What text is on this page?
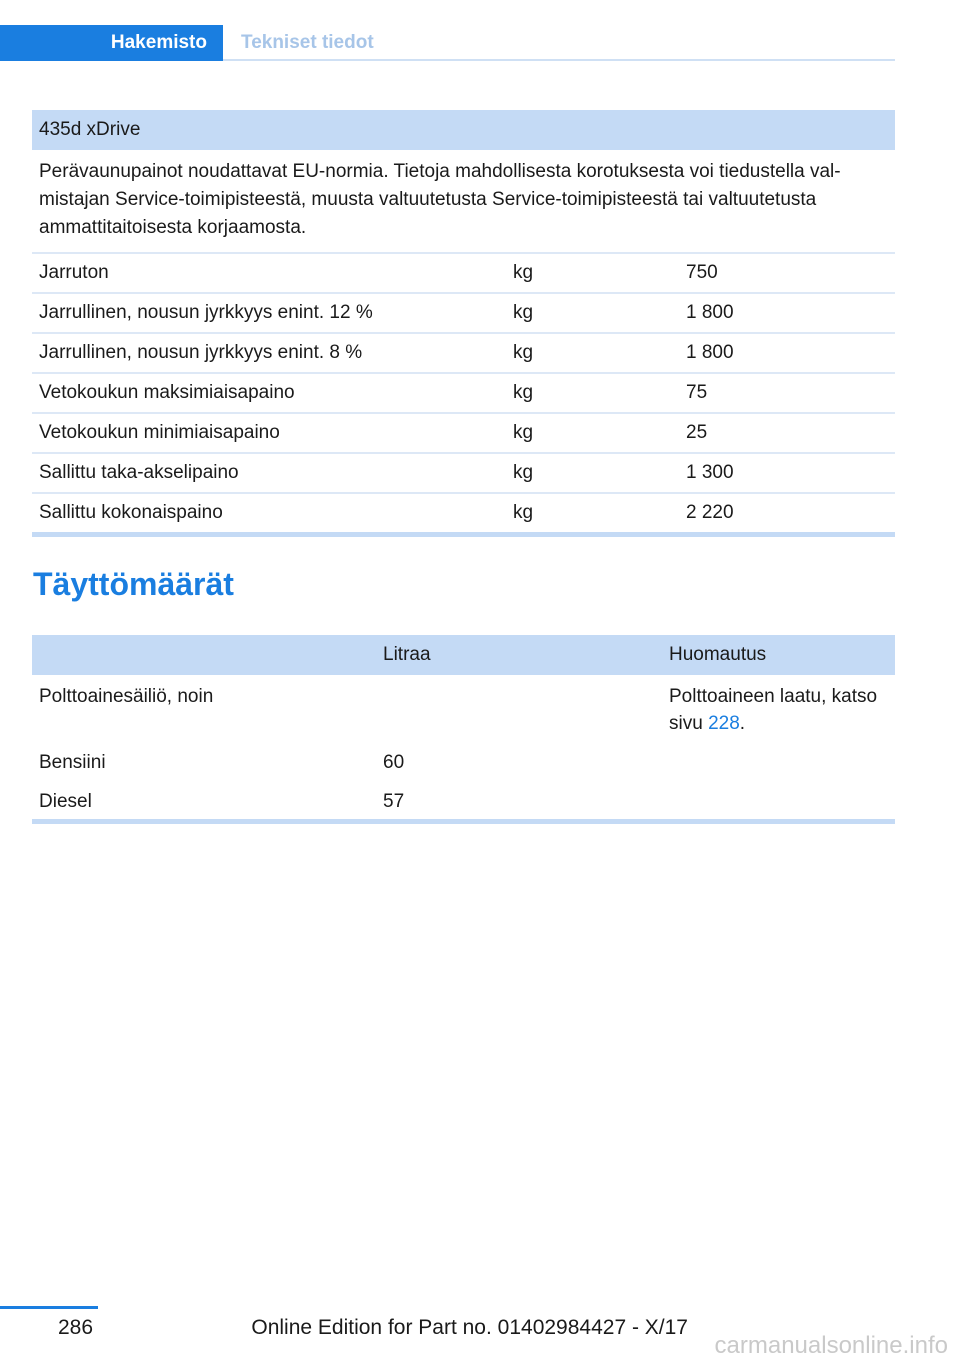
Hakemisto	Tekniset tiedot
435d xDrive		

Perävaunupainot noudattavat EU-normia. Tietoja mahdollisesta korotuksesta voi tiedustella val-
mistajan Service-toimipisteestä, muusta valtuutetusta Service-toimipisteestä tai valtuutetusta
ammattitaitoisesta korjaamosta.		

Jarruton	kg	750
Jarrullinen, nousun jyrkkyys enint. 12 %	kg	1 800
Jarrullinen, nousun jyrkkyys enint. 8 %	kg	1 800
Vetokoukun maksimiaisapaino	kg	75
Vetokoukun minimiaisapaino	kg	25
Sallittu taka-akselipaino	kg	1 300
Sallittu kokonaispaino	kg	2 220

Täyttömäärät
	Litraa	Huomautus
Polttoainesäiliö, noin		Polttoaineen laatu, katso
sivu 228.
Bensiini	60	
Diesel	57	

286	Online Edition for Part no. 01402984427 - X/17
carmanualsonline.info
